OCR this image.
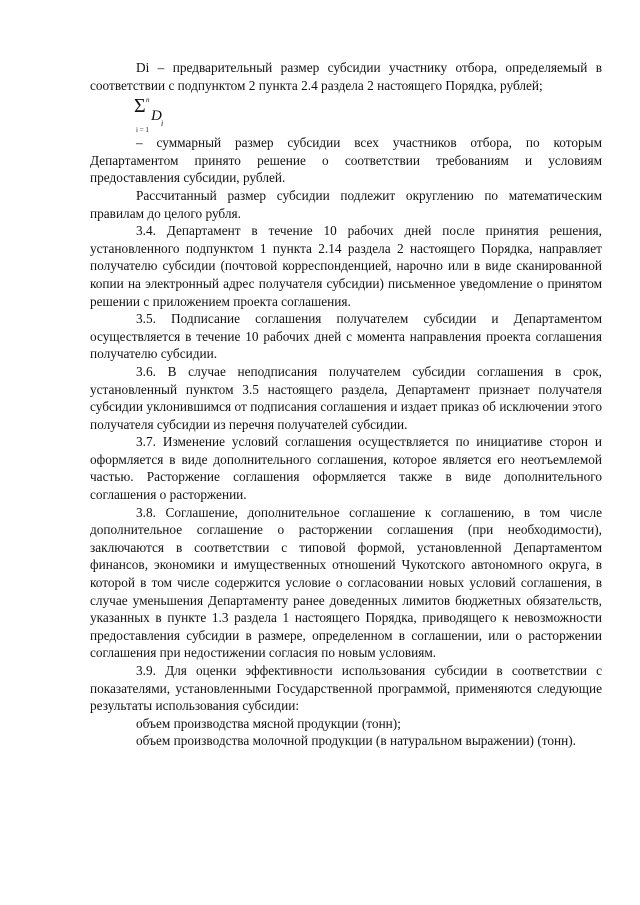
Di – предварительный размер субсидии участнику отбора, определяемый в соответствии с подпунктом 2 пункта 2.4 раздела 2 настоящего Порядка, рублей;

Σ n
i = 1
D i

– суммарный размер субсидии всех участников отбора, по которым Департаментом принято решение о соответствии требованиям и условиям предоставления субсидии, рублей.

Рассчитанный размер субсидии подлежит округлению по математическим правилам до целого рубля.

3.4. Департамент в течение 10 рабочих дней после принятия решения, установленного подпунктом 1 пункта 2.14 раздела 2 настоящего Порядка, направляет получателю субсидии (почтовой корреспонденцией, нарочно или в виде сканированной копии на электронный адрес получателя субсидии) письменное уведомление о принятом решении с приложением проекта соглашения.

3.5. Подписание соглашения получателем субсидии и Департаментом осуществляется в течение 10 рабочих дней с момента направления проекта соглашения получателю субсидии.

3.6. В случае неподписания получателем субсидии соглашения в срок, установленный пунктом 3.5 настоящего раздела, Департамент признает получателя субсидии уклонившимся от подписания соглашения и издает приказ об исключении этого получателя субсидии из перечня получателей субсидии.

3.7. Изменение условий соглашения осуществляется по инициативе сторон и оформляется в виде дополнительного соглашения, которое является его неотъемлемой частью. Расторжение соглашения оформляется также в виде дополнительного соглашения о расторжении.

3.8. Соглашение, дополнительное соглашение к соглашению, в том числе дополнительное соглашение о расторжении соглашения (при необходимости), заключаются в соответствии с типовой формой, установленной Департаментом финансов, экономики и имущественных отношений Чукотского автономного округа, в которой в том числе содержится условие о согласовании новых условий соглашения, в случае уменьшения Департаменту ранее доведенных лимитов бюджетных обязательств, указанных в пункте 1.3 раздела 1 настоящего Порядка, приводящего к невозможности предоставления субсидии в размере, определенном в соглашении, или о расторжении соглашения при недостижении согласия по новым условиям.

3.9. Для оценки эффективности использования субсидии в соответствии с показателями, установленными Государственной программой, применяются следующие результаты использования субсидии:

объем производства мясной продукции (тонн);

объем производства молочной продукции (в натуральном выражении) (тонн).
